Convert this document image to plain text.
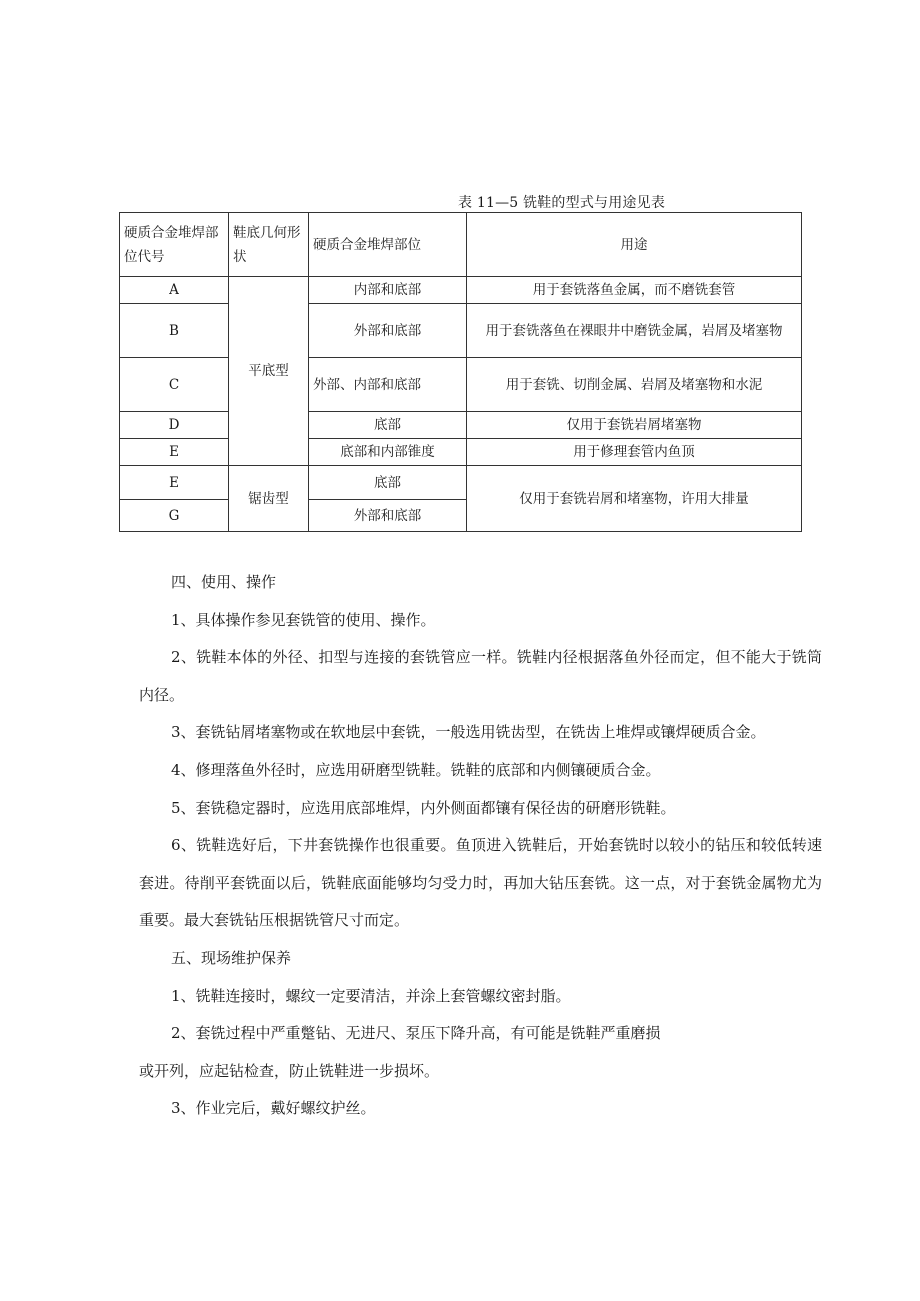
表 11—5 铣鞋的型式与用途见表
硬质合金堆焊部位代号	鞋底几何形状	硬质合金堆焊部位	用途
A	平底型	内部和底部	用于套铣落鱼金属，而不磨铣套管
B		外部和底部	用于套铣落鱼在裸眼井中磨铣金属，岩屑及堵塞物
C		外部、内部和底部	用于套铣、切削金属、岩屑及堵塞物和水泥
D		底部	仅用于套铣岩屑堵塞物
E		底部和内部锥度	用于修理套管内鱼顶
E	锯齿型	底部	仅用于套铣岩屑和堵塞物，许用大排量
G		外部和底部	

四、使用、操作

1、具体操作参见套铣管的使用、操作。

2、铣鞋本体的外径、扣型与连接的套铣管应一样。铣鞋内径根据落鱼外径而定，但不能大于铣筒内径。

3、套铣钻屑堵塞物或在软地层中套铣，一般选用铣齿型，在铣齿上堆焊或镶焊硬质合金。

4、修理落鱼外径时，应选用研磨型铣鞋。铣鞋的底部和内侧镶硬质合金。

5、套铣稳定器时，应选用底部堆焊，内外侧面都镶有保径齿的研磨形铣鞋。

6、铣鞋选好后，下井套铣操作也很重要。鱼顶进入铣鞋后，开始套铣时以较小的钻压和较低转速套进。待削平套铣面以后，铣鞋底面能够均匀受力时，再加大钻压套铣。这一点，对于套铣金属物尤为重要。最大套铣钻压根据铣管尺寸而定。

五、现场维护保养

1、铣鞋连接时，螺纹一定要清洁，并涂上套管螺纹密封脂。

2、套铣过程中严重蹩钻、无进尺、泵压下降升高，有可能是铣鞋严重磨损

或开列，应起钻检查，防止铣鞋进一步损坏。

3、作业完后，戴好螺纹护丝。
